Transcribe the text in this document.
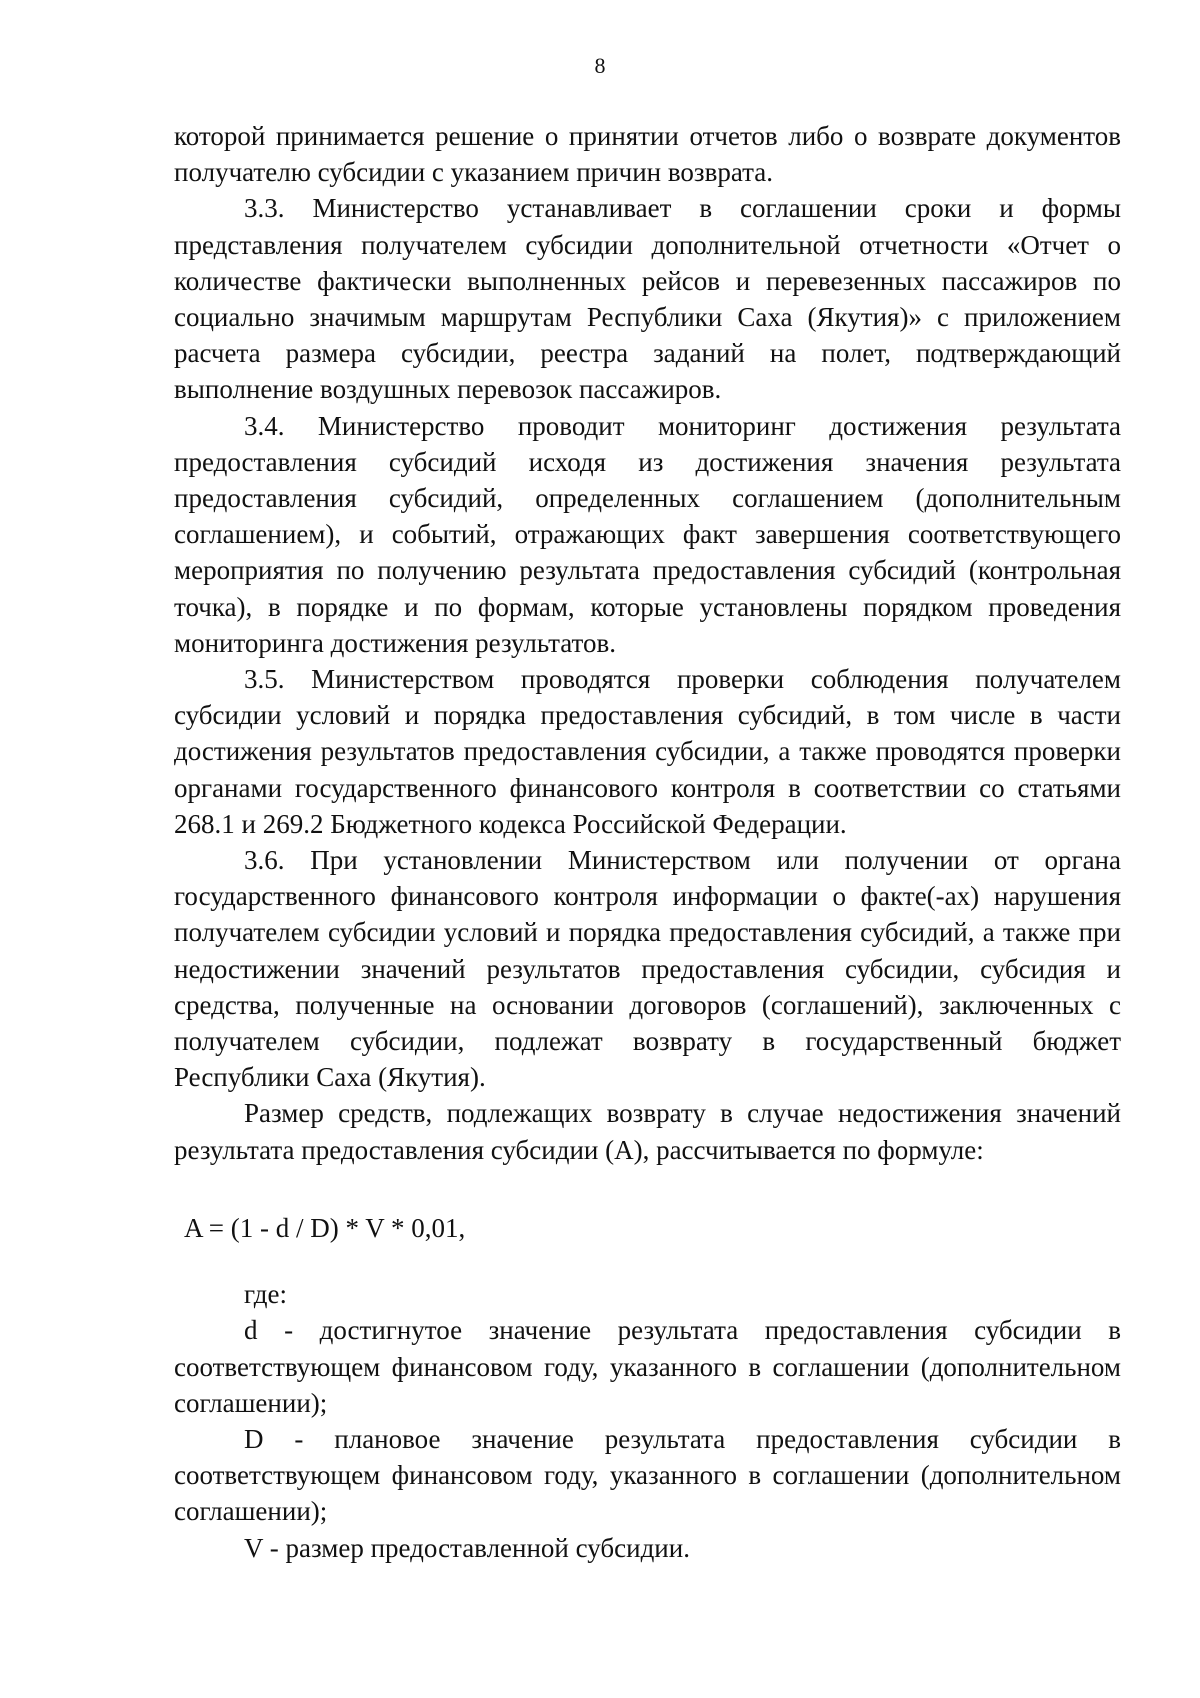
8

которой принимается решение о принятии отчетов либо о возврате документов получателю субсидии с указанием причин возврата.

3.3. Министерство устанавливает в соглашении сроки и формы представления получателем субсидии дополнительной отчетности «Отчет о количестве фактически выполненных рейсов и перевезенных пассажиров по социально значимым маршрутам Республики Саха (Якутия)» с приложением расчета размера субсидии, реестра заданий на полет, подтверждающий выполнение воздушных перевозок пассажиров.

3.4. Министерство проводит мониторинг достижения результата предоставления субсидий исходя из достижения значения результата предоставления субсидий, определенных соглашением (дополнительным соглашением), и событий, отражающих факт завершения соответствующего мероприятия по получению результата предоставления субсидий (контрольная точка), в порядке и по формам, которые установлены порядком проведения мониторинга достижения результатов.

3.5. Министерством проводятся проверки соблюдения получателем субсидии условий и порядка предоставления субсидий, в том числе в части достижения результатов предоставления субсидии, а также проводятся проверки органами государственного финансового контроля в соответствии со статьями 268.1 и 269.2 Бюджетного кодекса Российской Федерации.

3.6. При установлении Министерством или получении от органа государственного финансового контроля информации о факте(-ах) нарушения получателем субсидии условий и порядка предоставления субсидий, а также при недостижении значений результатов предоставления субсидии, субсидия и средства, полученные на основании договоров (соглашений), заключенных с получателем субсидии, подлежат возврату в государственный бюджет Республики Саха (Якутия).

Размер средств, подлежащих возврату в случае недостижения значений результата предоставления субсидии (А), рассчитывается по формуле:

A = (1 - d / D) * V * 0,01,

где:

d - достигнутое значение результата предоставления субсидии в соответствующем финансовом году, указанного в соглашении (дополнительном соглашении);

D - плановое значение результата предоставления субсидии в соответствующем финансовом году, указанного в соглашении (дополнительном соглашении);

V - размер предоставленной субсидии.
